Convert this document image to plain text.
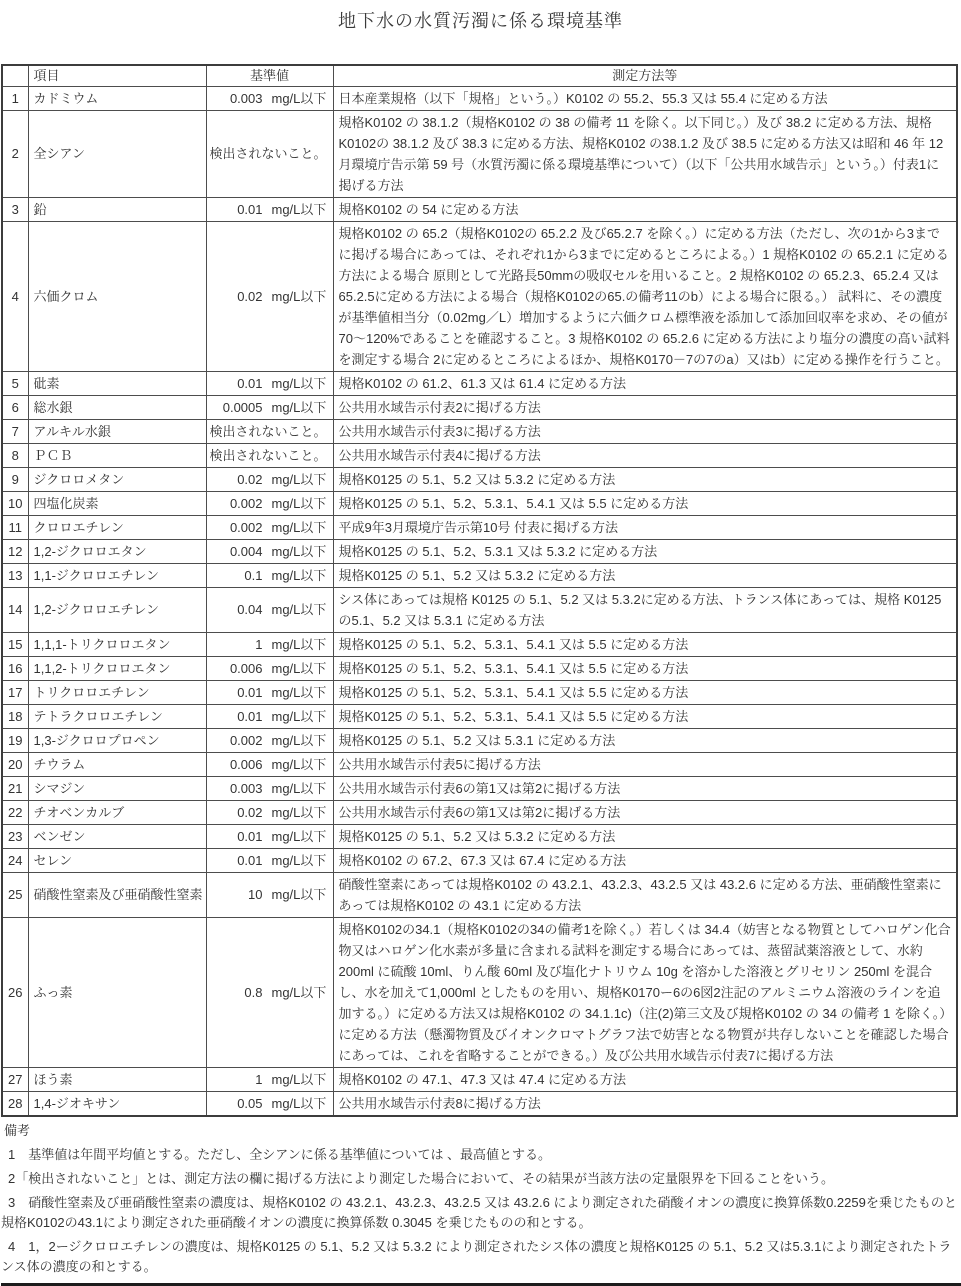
地下水の水質汚濁に係る環境基準
	項目	基準値	測定方法等
1	カドミウム	0.003 mg/L以下	日本産業規格（以下「規格」という。）K0102 の 55.2、55.3 又は 55.4 に定める方法
2	全シアン	検出されないこと。	規格K0102 の 38.1.2（規格K0102 の 38 の備考 11 を除く。以下同じ。）及び 38.2 に定める方法、規格K0102の 38.1.2 及び 38.3 に定める方法、規格K0102 の38.1.2 及び 38.5 に定める方法又は昭和 46 年 12 月環境庁告示第 59 号（水質汚濁に係る環境基準について）（以下「公共用水域告示」という。）付表1に掲げる方法
3	鉛	0.01 mg/L以下	規格K0102 の 54 に定める方法
4	六価クロム	0.02 mg/L以下	規格K0102 の 65.2（規格K0102の 65.2.2 及び65.2.7 を除く。）に定める方法（ただし、次の1から3までに掲げる場合にあっては、それぞれ1から3までに定めるところによる。）1 規格K0102 の 65.2.1 に定める方法による場合 原則として光路長50mmの吸収セルを用いること。2 規格K0102 の 65.2.3、65.2.4 又は65.2.5に定める方法による場合（規格K0102の65.の備考11のb）による場合に限る。） 試料に、その濃度が基準値相当分（0.02mg／L）増加するように六価クロム標準液を添加して添加回収率を求め、その値が70～120%であることを確認すること。3 規格K0102 の 65.2.6 に定める方法により塩分の濃度の高い試料を測定する場合 2に定めるところによるほか、規格K0170－7の7のa）又はb）に定める操作を行うこと。
5	砒素	0.01 mg/L以下	規格K0102 の 61.2、61.3 又は 61.4 に定める方法
6	総水銀	0.0005 mg/L以下	公共用水域告示付表2に掲げる方法
7	アルキル水銀	検出されないこと。	公共用水域告示付表3に掲げる方法
8	ＰＣＢ	検出されないこと。	公共用水域告示付表4に掲げる方法
9	ジクロロメタン	0.02 mg/L以下	規格K0125 の 5.1、5.2 又は 5.3.2 に定める方法
10	四塩化炭素	0.002 mg/L以下	規格K0125 の 5.1、5.2、5.3.1、5.4.1 又は 5.5 に定める方法
11	クロロエチレン	0.002 mg/L以下	平成9年3月環境庁告示第10号 付表に掲げる方法
12	1,2-ジクロロエタン	0.004 mg/L以下	規格K0125 の 5.1、5.2、5.3.1 又は 5.3.2 に定める方法
13	1,1-ジクロロエチレン	0.1 mg/L以下	規格K0125 の 5.1、5.2 又は 5.3.2 に定める方法
14	1,2-ジクロロエチレン	0.04 mg/L以下	シス体にあっては規格 K0125 の 5.1、5.2 又は 5.3.2に定める方法、トランス体にあっては、規格 K0125 の5.1、5.2 又は 5.3.1 に定める方法
15	1,1,1-トリクロロエタン	1 mg/L以下	規格K0125 の 5.1、5.2、5.3.1、5.4.1 又は 5.5 に定める方法
16	1,1,2-トリクロロエタン	0.006 mg/L以下	規格K0125 の 5.1、5.2、5.3.1、5.4.1 又は 5.5 に定める方法
17	トリクロロエチレン	0.01 mg/L以下	規格K0125 の 5.1、5.2、5.3.1、5.4.1 又は 5.5 に定める方法
18	テトラクロロエチレン	0.01 mg/L以下	規格K0125 の 5.1、5.2、5.3.1、5.4.1 又は 5.5 に定める方法
19	1,3-ジクロロプロペン	0.002 mg/L以下	規格K0125 の 5.1、5.2 又は 5.3.1 に定める方法
20	チウラム	0.006 mg/L以下	公共用水域告示付表5に掲げる方法
21	シマジン	0.003 mg/L以下	公共用水域告示付表6の第1又は第2に掲げる方法
22	チオベンカルブ	0.02 mg/L以下	公共用水域告示付表6の第1又は第2に掲げる方法
23	ベンゼン	0.01 mg/L以下	規格K0125 の 5.1、5.2 又は 5.3.2 に定める方法
24	セレン	0.01 mg/L以下	規格K0102 の 67.2、67.3 又は 67.4 に定める方法
25	硝酸性窒素及び亜硝酸性窒素	10 mg/L以下	硝酸性窒素にあっては規格K0102 の 43.2.1、43.2.3、43.2.5 又は 43.2.6 に定める方法、亜硝酸性窒素にあっては規格K0102 の 43.1 に定める方法
26	ふっ素	0.8 mg/L以下	規格K0102の34.1（規格K0102の34の備考1を除く。）若しくは 34.4（妨害となる物質としてハロゲン化合物又はハロゲン化水素が多量に含まれる試料を測定する場合にあっては、蒸留試薬溶液として、水約200ml に硫酸 10ml、りん酸 60ml 及び塩化ナトリウム 10g を溶かした溶液とグリセリン 250ml を混合し、水を加えて1,000ml としたものを用い、規格K0170ー6の6図2注記のアルミニウム溶液のラインを追加する。）に定める方法又は規格K0102 の 34.1.1c)（注(2)第三文及び規格K0102 の 34 の備考 1 を除く。）に定める方法（懸濁物質及びイオンクロマトグラフ法で妨害となる物質が共存しないことを確認した場合にあっては、これを省略することができる。）及び公共用水域告示付表7に掲げる方法
27	ほう素	1 mg/L以下	規格K0102 の 47.1、47.3 又は 47.4 に定める方法
28	1,4-ジオキサン	0.05 mg/L以下	公共用水域告示付表8に掲げる方法
備考

1　基準値は年間平均値とする。ただし、全シアンに係る基準値については 、最高値とする。

2「検出されないこと」とは、測定方法の欄に掲げる方法により測定した場合において、その結果が当該方法の定量限界を下回ることをいう。

3　硝酸性窒素及び亜硝酸性窒素の濃度は、規格K0102 の 43.2.1、43.2.3、43.2.5 又は 43.2.6 により測定された硝酸イオンの濃度に換算係数0.2259を乗じたものと規格K0102の43.1により測定された亜硝酸イオンの濃度に換算係数 0.3045 を乗じたものの和とする。

4　1，2ージクロロエチレンの濃度は、規格K0125 の 5.1、5.2 又は 5.3.2 により測定されたシス体の濃度と規格K0125 の 5.1、5.2 又は5.3.1により測定されたトランス体の濃度の和とする。
